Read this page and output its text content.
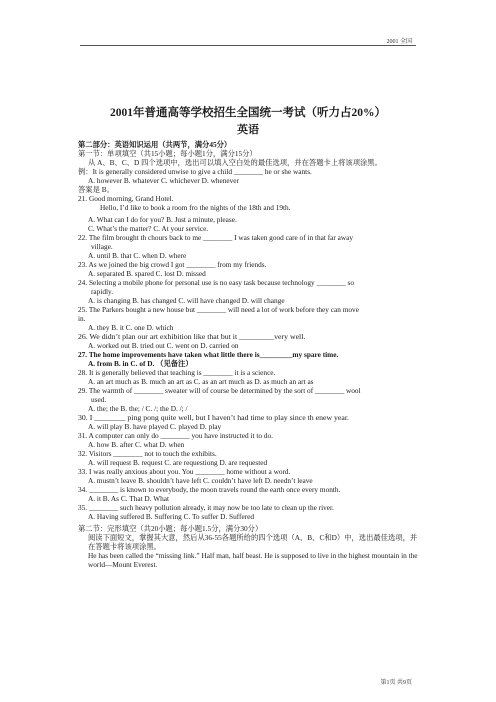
2001 全国
2001年普通高等学校招生全国统一考试（听力占20%）
英语

第二部分：英语知识运用（共两节，满分45分）

第一节：单项填空（共15小题；每小题1分，满分15分）

从 A、B、C、D 四个选项中，选出可以填入空白处的最佳选项，并在答题卡上将该项涂黑。

例：It is generally considered unwise to give a child ________ he or she wants.

A. however B. whatever C. whichever D. whenever

答案是 B。

21. Good morning, Grand Hotel.

Hello, I’d like to book a room fro the nights of the 18th and 19th.

A. What can I do for you? B. Just a minute, please.

C. What’s the matter? C. At your service.

22. The film brought th chours back to me ________ I was taken good care of in that far away

village.

A. until B. that C. when D. where

23. As we joined the big crowd I got ________ from my friends.

A. separated B. spared C. lost D. missed

24. Selecting a mobile phone for personal use is no easy task because technology ________ so

rapidly.

A. is changing B. has changed C. will have changed D. will change

25. The Parkers bought a new house but ________ will need a lot of work before they can move

in.

A. they B. it C. one D. which

26. We didn’t plan our art exhibition like that but it _________very well.

A. worked out B. tried out C. went on D. carried on

27. The home improvements have taken what little there is_________my spare time.

A. from B. in C. of D. （见备注）

28. It is generally believed that teaching is ________ it is a science.

A. an art much as B. much an art as C. as an art much as D. as much an art as

29. The warmth of ________ sweater will of course be determined by the sort of ________ wool

used.

A. the; the B. the; / C. /; the D. /; /

30. I ________ ping pong quite well, but I haven’t had time to play since th enew year.

A. will play B. have played C. played D. play

31. A computer can only do ________ you have instructed it to do.

A. how B. after C. what D. when

32. Visitors ________ not to touch the exhibits.

A. will request B. request C. are requestiong D. are requested

33. I was really anxious about you. You ________ home without a word.

A. mustn’t leave B. shouldn’t have left C. couldn’t have left D. needn’t leave

34. ________ is known to everybody, the moon travels round the earth once every month.

A. it B. As C. That D. What

35. ________ such heavy pollution already, it may now be too late to clean up the river.

A. Having suffered B. Suffering C. To suffer D. Suffered

第二节：完形填空（共20小题；每小题1.5分，满分30分）

阅读下面短文，掌握其大意，然后从36-55各题所给的四个选项（A、B、C和D）中，选出最佳选项，并在答题卡将该项涂黑。

He has been called the “missing link.” Half man, half beast. He is supposed to live in the highest mountain in the world—Mount Everest.

第1页 共9页
